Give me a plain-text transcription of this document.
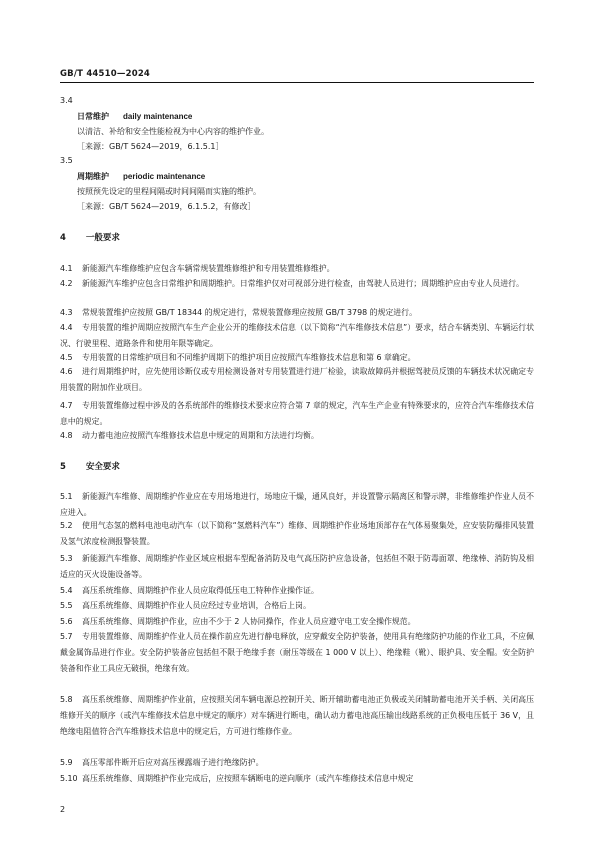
GB/T 44510—2024
3.4
日常维护 daily maintenance
以清洁、补给和安全性能检视为中心内容的维护作业。
［来源：GB/T 5624—2019，6.1.5.1］
3.5
周期维护 periodic maintenance
按照预先设定的里程间隔或时间间隔而实施的维护。
［来源：GB/T 5624—2019，6.1.5.2，有修改］
4 一般要求
4.1 新能源汽车维修维护应包含车辆常规装置维修维护和专用装置维修维护。
4.2 新能源汽车维护应包含日常维护和周期维护。日常维护仅对可视部分进行检查，由驾驶人员进行；周期维护应由专业人员进行。
4.3 常规装置维护应按照 GB/T 18344 的规定进行，常规装置修理应按照 GB/T 3798 的规定进行。
4.4 专用装置的维护周期应按照汽车生产企业公开的维修技术信息（以下简称“汽车维修技术信息”）要求，结合车辆类别、车辆运行状况、行驶里程、道路条件和使用年限等确定。
4.5 专用装置的日常维护项目和不同维护周期下的维护项目应按照汽车维修技术信息和第 6 章确定。
4.6 进行周期维护时，应先使用诊断仪或专用检测设备对专用装置进行进厂检验，读取故障码并根据驾驶员反馈的车辆技术状况确定专用装置的附加作业项目。
4.7 专用装置维修过程中涉及的各系统部件的维修技术要求应符合第 7 章的规定，汽车生产企业有特殊要求的，应符合汽车维修技术信息中的规定。
4.8 动力蓄电池应按照汽车维修技术信息中规定的周期和方法进行均衡。
5 安全要求
5.1 新能源汽车维修、周期维护作业应在专用场地进行，场地应干燥，通风良好，并设置警示隔离区和警示牌，非维修维护作业人员不应进入。
5.2 使用气态氢的燃料电池电动汽车（以下简称“氢燃料汽车”）维修、周期维护作业场地顶部存在气体易聚集处，应安装防爆排风装置及氢气浓度检测报警装置。
5.3 新能源汽车维修、周期维护作业区域应根据车型配备消防及电气高压防护应急设备，包括但不限于防毒面罩、绝缘棒、消防钩及相适应的灭火设施设备等。
5.4 高压系统维修、周期维护作业人员应取得低压电工特种作业操作证。
5.5 高压系统维修、周期维护作业人员应经过专业培训，合格后上岗。
5.6 高压系统维修、周期维护作业，应由不少于 2 人协同操作，作业人员应遵守电工安全操作规范。
5.7 专用装置维修、周期维护作业人员在操作前应先进行静电释放，应穿戴安全防护装备，使用具有绝缘防护功能的作业工具，不应佩戴金属饰品进行作业。安全防护装备应包括但不限于绝缘手套（耐压等级在 1 000 V 以上）、绝缘鞋（靴）、眼护具、安全帽。安全防护装备和作业工具应无破损，绝缘有效。
5.8 高压系统维修、周期维护作业前，应按照关闭车辆电源总控制开关、断开辅助蓄电池正负极或关闭辅助蓄电池开关手柄、关闭高压维修开关的顺序（或汽车维修技术信息中规定的顺序）对车辆进行断电，确认动力蓄电池高压输出线路系统的正负极电压低于 36 V，且绝缘电阻值符合汽车维修技术信息中的规定后，方可进行维修作业。
5.9 高压零部件断开后应对高压裸露端子进行绝缘防护。
5.10 高压系统维修、周期维护作业完成后，应按照车辆断电的逆向顺序（或汽车维修技术信息中规定
2
